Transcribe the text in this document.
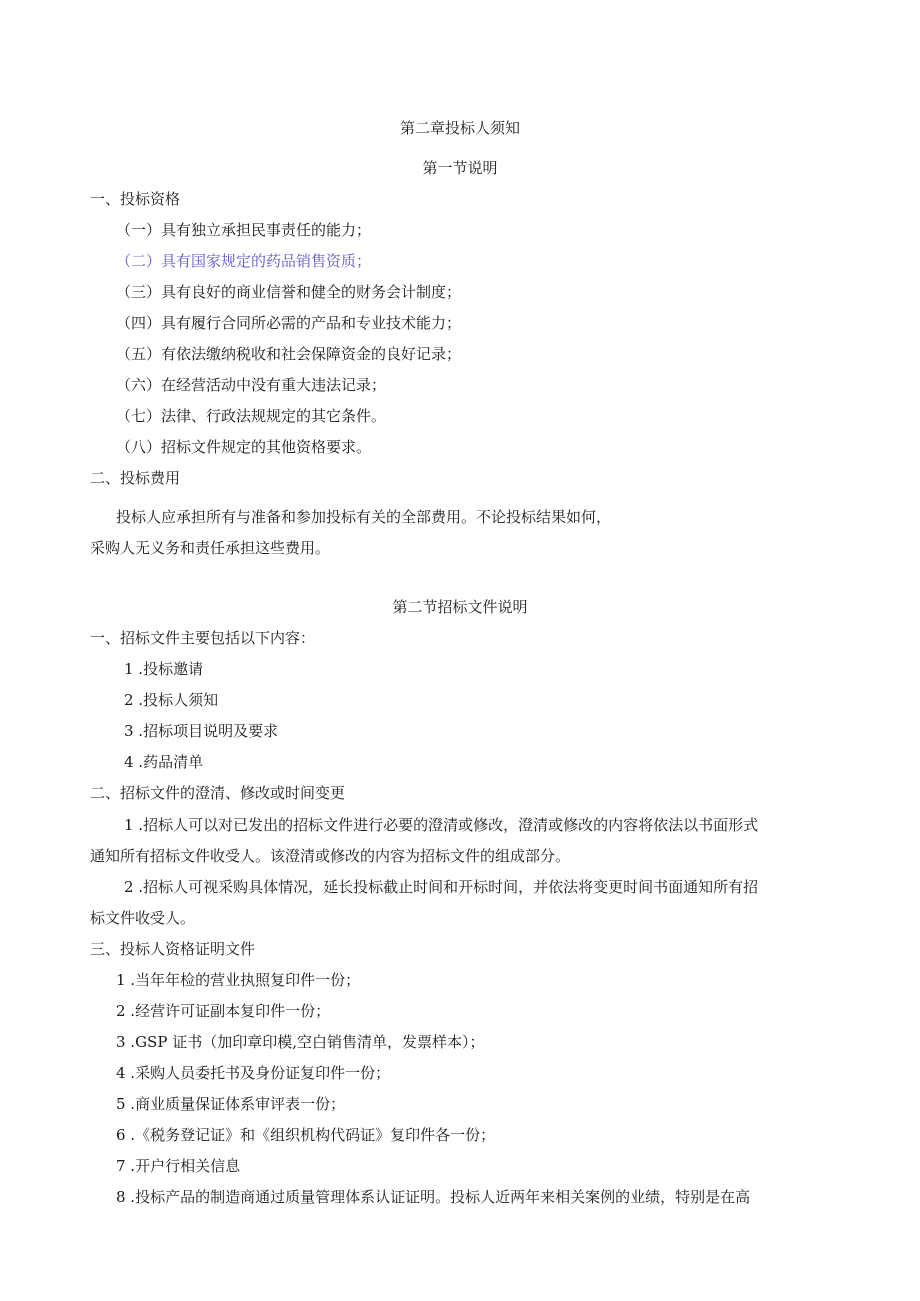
第二章投标人须知
第一节说明
一、投标资格
（一）具有独立承担民事责任的能力；
（二）具有国家规定的药品销售资质；
（三）具有良好的商业信誉和健全的财务会计制度；
（四）具有履行合同所必需的产品和专业技术能力；
（五）有依法缴纳税收和社会保障资金的良好记录；
（六）在经营活动中没有重大违法记录；
（七）法律、行政法规规定的其它条件。
（八）招标文件规定的其他资格要求。
二、投标费用
投标人应承担所有与准备和参加投标有关的全部费用。不论投标结果如何，
采购人无义务和责任承担这些费用。
第二节招标文件说明
一、招标文件主要包括以下内容：
1 .投标邀请
2 .投标人须知
3 .招标项目说明及要求
4 .药品清单
二、招标文件的澄清、修改或时间变更
1 .招标人可以对已发出的招标文件进行必要的澄清或修改，澄清或修改的内容将依法以书面形式
通知所有招标文件收受人。该澄清或修改的内容为招标文件的组成部分。
2 .招标人可视采购具体情况，延长投标截止时间和开标时间，并依法将变更时间书面通知所有招
标文件收受人。
三、投标人资格证明文件
1 .当年年检的营业执照复印件一份；
2 .经营许可证副本复印件一份；
3 .GSP 证书（加印章印模,空白销售清单，发票样本）；
4 .采购人员委托书及身份证复印件一份；
5 .商业质量保证体系审评表一份；
6 .《税务登记证》和《组织机构代码证》复印件各一份；
7 .开户行相关信息
8 .投标产品的制造商通过质量管理体系认证证明。投标人近两年来相关案例的业绩，特别是在高
